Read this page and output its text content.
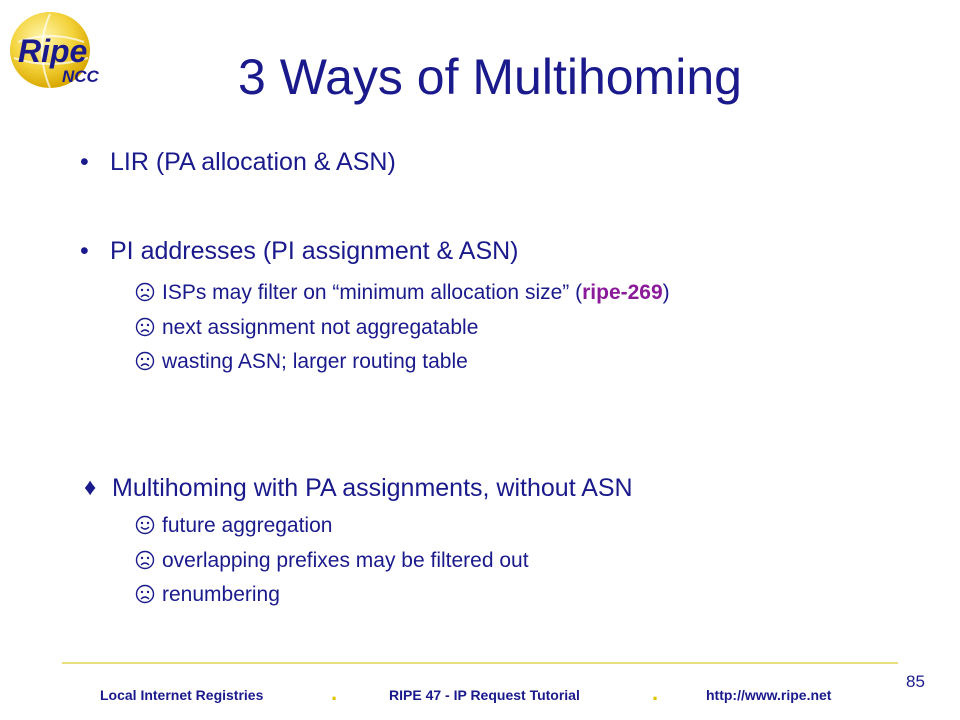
Ripe
NCC	3 Ways of Multihoming
• LIR (PA allocation & ASN)
• PI addresses (PI assignment & ASN)
ISPs may filter on “minimum allocation size” (ripe-269)
next assignment not aggregatable
wasting ASN; larger routing table
♦ Multihoming with PA assignments, without ASN
future aggregation
overlapping prefixes may be filtered out
renumbering
85
Local Internet Registries	.	RIPE 47 - IP Request Tutorial	.	http://www.ripe.net
